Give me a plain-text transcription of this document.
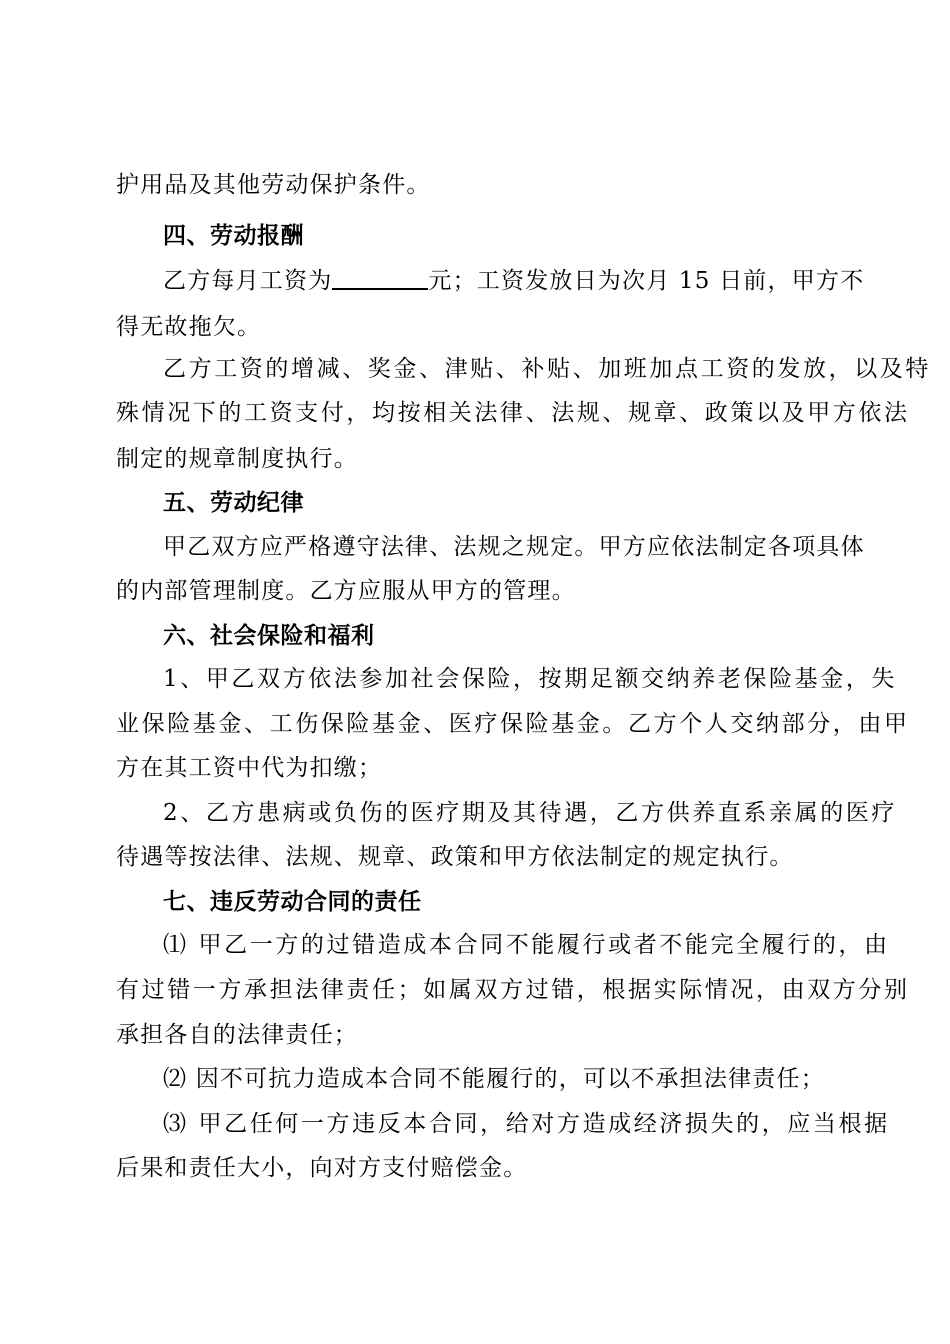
护用品及其他劳动保护条件。
四、劳动报酬
乙方每月工资为	元；工资发放日为次月 15 日前，甲方不
得无故拖欠。
乙方工资的增减、奖金、津贴、补贴、加班加点工资的发放，以及特
殊情况下的工资支付，均按相关法律、法规、规章、政策以及甲方依法
制定的规章制度执行。
五、劳动纪律
甲乙双方应严格遵守法律、法规之规定。甲方应依法制定各项具体
的内部管理制度。乙方应服从甲方的管理。
六、社会保险和福利
1、甲乙双方依法参加社会保险，按期足额交纳养老保险基金，失
业保险基金、工伤保险基金、医疗保险基金。乙方个人交纳部分，由甲
方在其工资中代为扣缴；
2、乙方患病或负伤的医疗期及其待遇，乙方供养直系亲属的医疗
待遇等按法律、法规、规章、政策和甲方依法制定的规定执行。
七、违反劳动合同的责任
⑴ 甲乙一方的过错造成本合同不能履行或者不能完全履行的，由
有过错一方承担法律责任；如属双方过错，根据实际情况，由双方分别
承担各自的法律责任；
⑵ 因不可抗力造成本合同不能履行的，可以不承担法律责任；
⑶ 甲乙任何一方违反本合同，给对方造成经济损失的，应当根据
后果和责任大小，向对方支付赔偿金。
